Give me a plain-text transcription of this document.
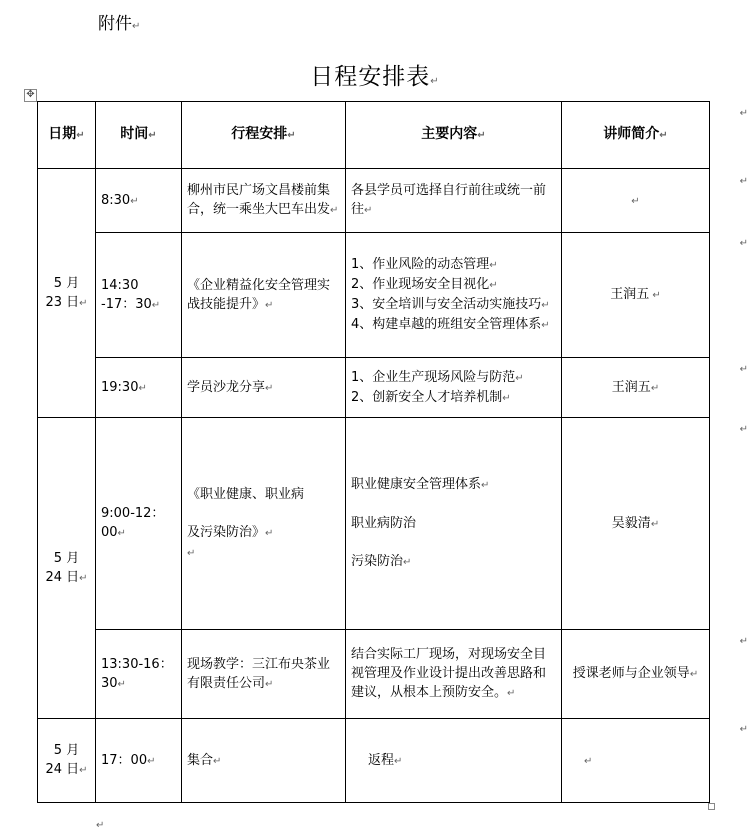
附件↵
日程安排表↵
✥
日期↵	时间↵	行程安排↵	主要内容↵	讲师简介↵

5 月
23 日↵	8:30↵	柳州市民广场文昌楼前集合，统一乘坐大巴车出发↵	各县学员可选择自行前往或统一前往↵	↵

	14:30
-17：30↵	《企业精益化安全管理实战技能提升》↵	1、作业风险的动态管理↵
2、作业现场安全目视化↵
3、安全培训与安全活动实施技巧↵
4、构建卓越的班组安全管理体系↵	王润五 ↵
	19:30↵	学员沙龙分享↵	1、企业生产现场风险与防范↵
2、创新安全人才培养机制↵	王润五↵

5 月
24 日↵	9:00-12：
00↵	《职业健康、职业病
及污染防治》↵
↵	职业健康安全管理体系↵
职业病防治
污染防治↵	吴毅清↵

	13:30-16：
30↵	现场教学：三江布央茶业有限责任公司↵	结合实际工厂现场，对现场安全目视管理及作业设计提出改善思路和建议，从根本上预防安全。↵	授课老师与企业领导↵

5 月
24 日↵	17：00↵	集合↵	返程↵	↵
↵
↵
↵
↵
↵
↵
↵
↵
